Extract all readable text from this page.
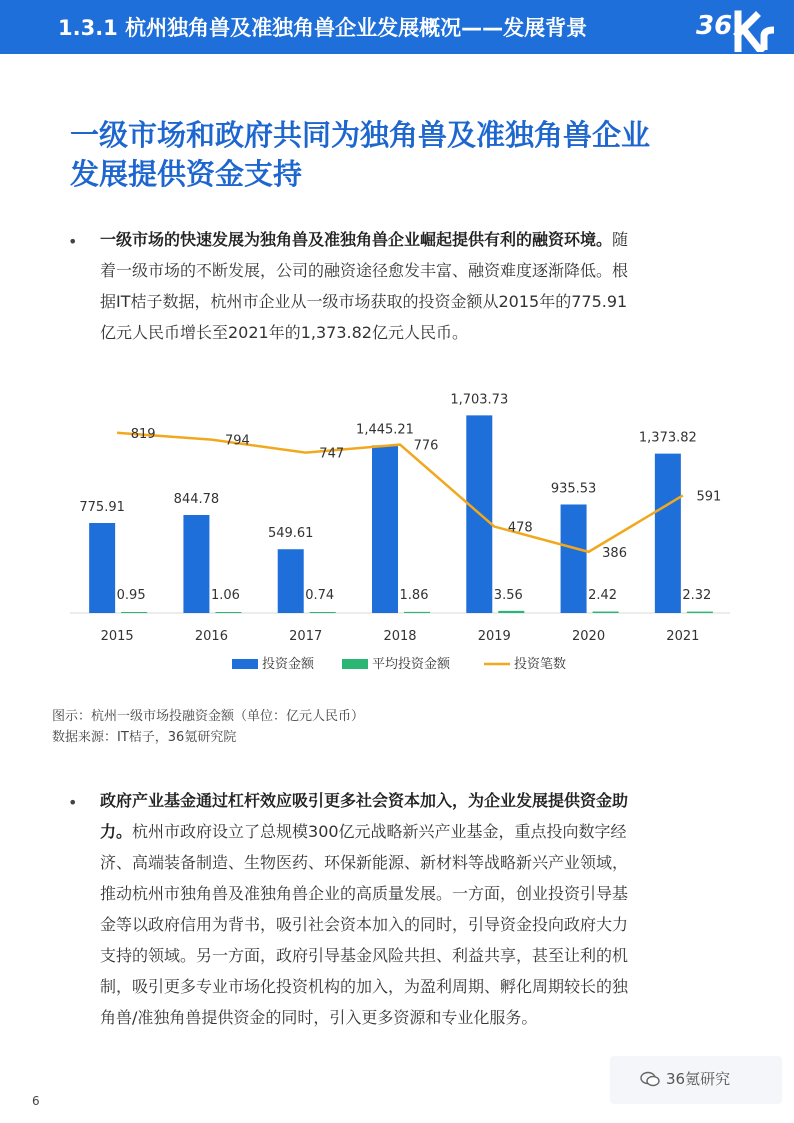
1.3.1 杭州独角兽及准独角兽企业发展概况——发展背景	36
一级市场和政府共同为独角兽及准独角兽企业
发展提供资金支持
• 一级市场的快速发展为独角兽及准独角兽企业崛起提供有利的融资环境。随
着一级市场的不断发展，公司的融资途径愈发丰富、融资难度逐渐降低。根
据IT桔子数据，杭州市企业从一级市场获取的投资金额从2015年的775.91
亿元人民币增长至2021年的1,373.82亿元人民币。
775.91
0.95
2015
844.78
1.06
2016
549.61
0.74
2017
1,445.21
1.86
2018
1,703.73
3.56
2019
935.53
2.42
2020
1,373.82
2.32
2021
819	794
747
776
478
386
591
投资金额	平均投资金额	投资笔数
图示：杭州一级市场投融资金额（单位：亿元人民币）
数据来源：IT桔子，36氪研究院
• 政府产业基金通过杠杆效应吸引更多社会资本加入，为企业发展提供资金助
力。杭州市政府设立了总规模300亿元战略新兴产业基金，重点投向数字经
济、高端装备制造、生物医药、环保新能源、新材料等战略新兴产业领域，
推动杭州市独角兽及准独角兽企业的高质量发展。一方面，创业投资引导基
金等以政府信用为背书，吸引社会资本加入的同时，引导资金投向政府大力
支持的领域。另一方面，政府引导基金风险共担、利益共享，甚至让利的机
制，吸引更多专业市场化投资机构的加入，为盈利周期、孵化周期较长的独
角兽/准独角兽提供资金的同时，引入更多资源和专业化服务。
36氪研究
6
